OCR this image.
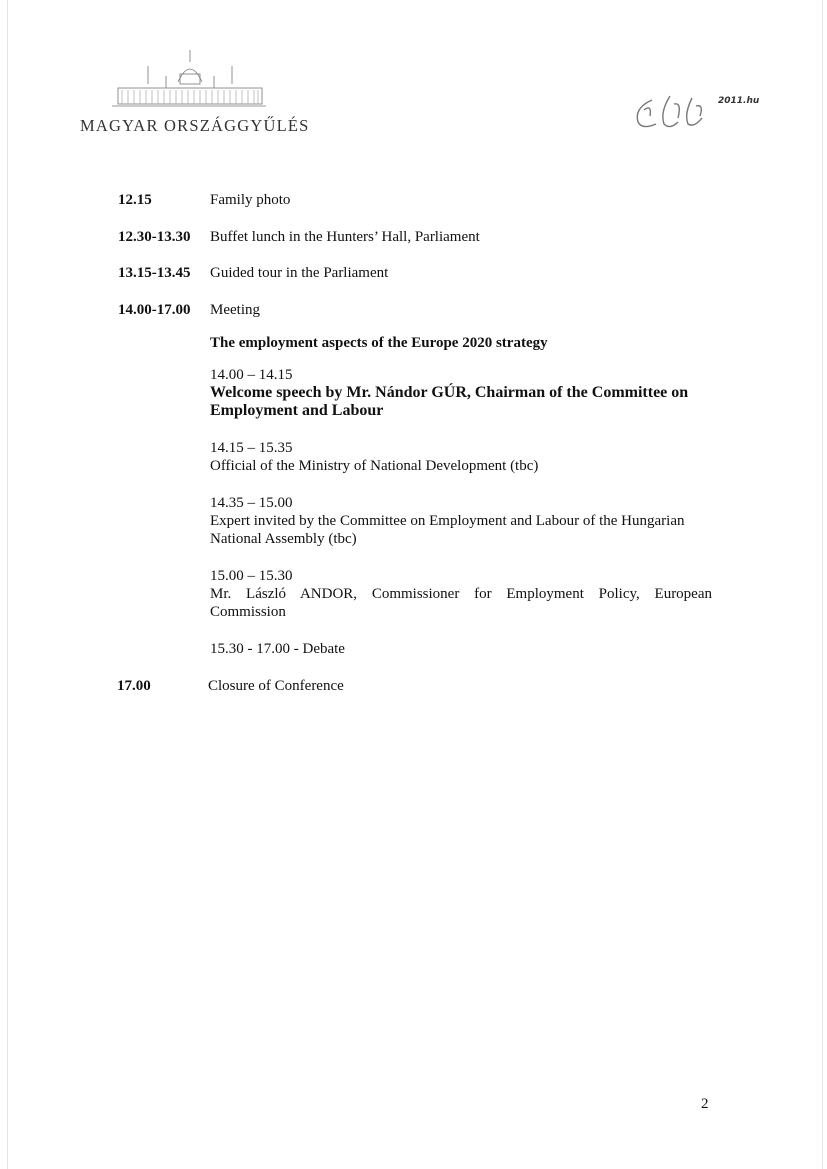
MAGYAR ORSZÁGGYŰLÉS
2011.hu
12.15	Family photo
12.30-13.30 Buffet lunch in the Hunters’ Hall, Parliament
13.15-13.45 Guided tour in the Parliament
14.00-17.00 Meeting
The employment aspects of the Europe 2020 strategy
14.00 – 14.15
Welcome speech by Mr. Nándor GÚR, Chairman of the Committee on Employment and Labour
14.15 – 15.35
Official of the Ministry of National Development (tbc)
14.35 – 15.00
Expert invited by the Committee on Employment and Labour of the Hungarian National Assembly (tbc)
15.00 – 15.30
Mr. László ANDOR, Commissioner for Employment Policy, European Commission
15.30 - 17.00 - Debate
17.00	Closure of Conference
2
